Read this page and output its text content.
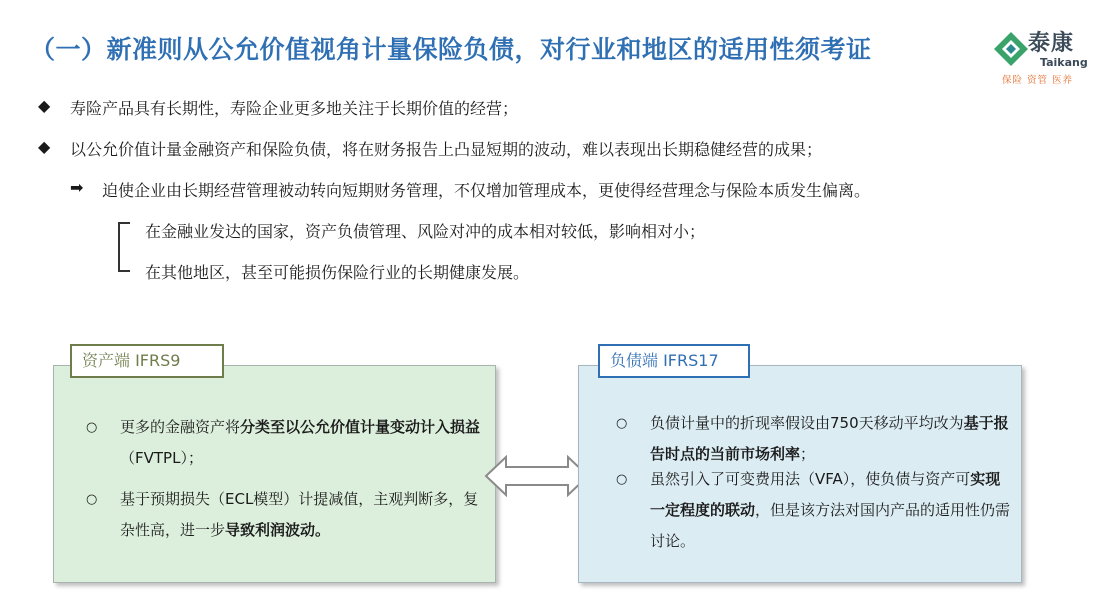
（一）新准则从公允价值视角计量保险负债，对行业和地区的适用性须考证	泰康
Taikang
保险 资管 医养
◆ 寿险产品具有长期性，寿险企业更多地关注于长期价值的经营；
◆ 以公允价值计量金融资产和保险负债，将在财务报告上凸显短期的波动，难以表现出长期稳健经营的成果；
➡ 迫使企业由长期经营管理被动转向短期财务管理，不仅增加管理成本，更使得经营理念与保险本质发生偏离。
在金融业发达的国家，资产负债管理、风险对冲的成本相对较低，影响相对小；
在其他地区，甚至可能损伤保险行业的长期健康发展。
资产端 IFRS9
○ 更多的金融资产将分类至以公允价值计量变动计入损益（FVTPL）；
○ 基于预期损失（ECL模型）计提减值，主观判断多，复杂性高，进一步导致利润波动。
负债端 IFRS17
○ 负债计量中的折现率假设由750天移动平均改为基于报告时点的当前市场利率；
○ 虽然引入了可变费用法（VFA），使负债与资产可实现一定程度的联动，但是该方法对国内产品的适用性仍需讨论。
